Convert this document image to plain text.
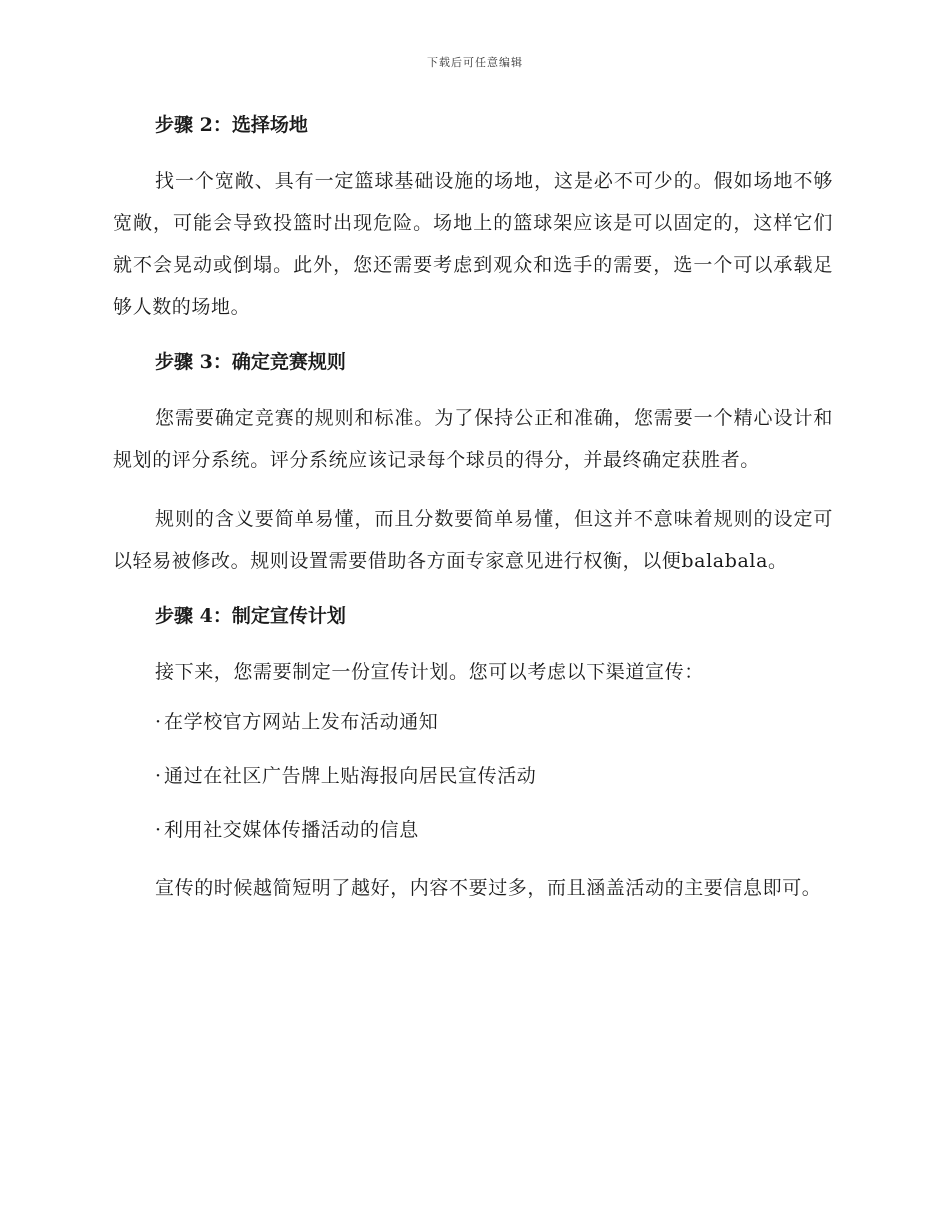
下载后可任意编辑
步骤 2：选择场地

找一个宽敞、具有一定篮球基础设施的场地，这是必不可少的。假如场地不够宽敞，可能会导致投篮时出现危险。场地上的篮球架应该是可以固定的，这样它们就不会晃动或倒塌。此外，您还需要考虑到观众和选手的需要，选一个可以承载足够人数的场地。

步骤 3：确定竞赛规则

您需要确定竞赛的规则和标准。为了保持公正和准确，您需要一个精心设计和规划的评分系统。评分系统应该记录每个球员的得分，并最终确定获胜者。

规则的含义要简单易懂，而且分数要简单易懂，但这并不意味着规则的设定可以轻易被修改。规则设置需要借助各方面专家意见进行权衡，以便balabala。

步骤 4：制定宣传计划

接下来，您需要制定一份宣传计划。您可以考虑以下渠道宣传：

· 在学校官方网站上发布活动通知
· 通过在社区广告牌上贴海报向居民宣传活动
· 利用社交媒体传播活动的信息

宣传的时候越简短明了越好，内容不要过多，而且涵盖活动的主要信息即可。
